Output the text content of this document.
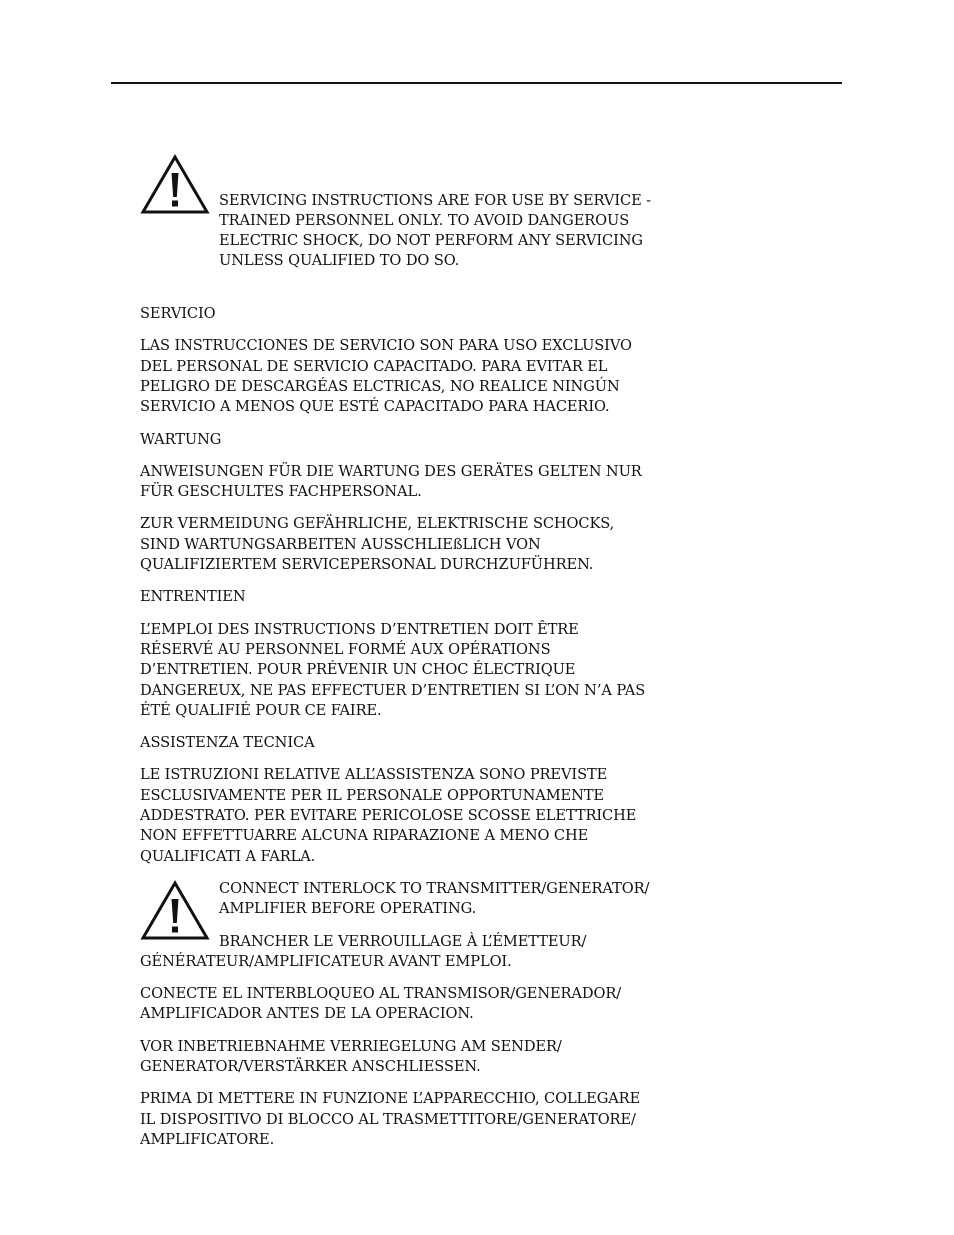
SERVICING INSTRUCTIONS ARE FOR USE BY SERVICE -
TRAINED PERSONNEL ONLY. TO AVOID DANGEROUS
ELECTRIC SHOCK, DO NOT PERFORM ANY SERVICING
UNLESS QUALIFIED TO DO SO.

SERVICIO
LAS INSTRUCCIONES DE SERVICIO SON PARA USO EXCLUSIVO
DEL PERSONAL DE SERVICIO CAPACITADO. PARA EVITAR EL
PELIGRO DE DESCARGÉAS ELCTRICAS, NO REALICE NINGÚN
SERVICIO A MENOS QUE ESTÉ CAPACITADO PARA HACERIO.
WARTUNG
ANWEISUNGEN FÜR DIE WARTUNG DES GERÄTES GELTEN NUR
FÜR GESCHULTES FACHPERSONAL.
ZUR VERMEIDUNG GEFÄHRLICHE, ELEKTRISCHE SCHOCKS,
SIND WARTUNGSARBEITEN AUSSCHLIEßLICH VON
QUALIFIZIERTEM SERVICEPERSONAL DURCHZUFÜHREN.
ENTRENTIEN
L’EMPLOI DES INSTRUCTIONS D’ENTRETIEN DOIT ÊTRE
RÉSERVÉ AU PERSONNEL FORMÉ AUX OPÉRATIONS
D’ENTRETIEN. POUR PRÉVENIR UN CHOC ÉLECTRIQUE
DANGEREUX, NE PAS EFFECTUER D’ENTRETIEN SI L’ON N’A PAS
ÉTÉ QUALIFIÉ POUR CE FAIRE.
ASSISTENZA TECNICA
LE ISTRUZIONI RELATIVE ALL’ASSISTENZA SONO PREVISTE
ESCLUSIVAMENTE PER IL PERSONALE OPPORTUNAMENTE
ADDESTRATO. PER EVITARE PERICOLOSE SCOSSE ELETTRICHE
NON EFFETTUARRE ALCUNA RIPARAZIONE A MENO CHE
QUALIFICATI A FARLA.
CONNECT INTERLOCK TO TRANSMITTER/GENERATOR/
AMPLIFIER BEFORE OPERATING.
BRANCHER LE VERROUILLAGE À L’ÉMETTEUR/
GÉNÉRATEUR/AMPLIFICATEUR AVANT EMPLOI.
CONECTE EL INTERBLOQUEO AL TRANSMISOR/GENERADOR/
AMPLIFICADOR ANTES DE LA OPERACION.
VOR INBETRIEBNAHME VERRIEGELUNG AM SENDER/
GENERATOR/VERSTÄRKER ANSCHLIESSEN.
PRIMA DI METTERE IN FUNZIONE L’APPARECCHIO, COLLEGARE
IL DISPOSITIVO DI BLOCCO AL TRASMETTITORE/GENERATORE/
AMPLIFICATORE.
